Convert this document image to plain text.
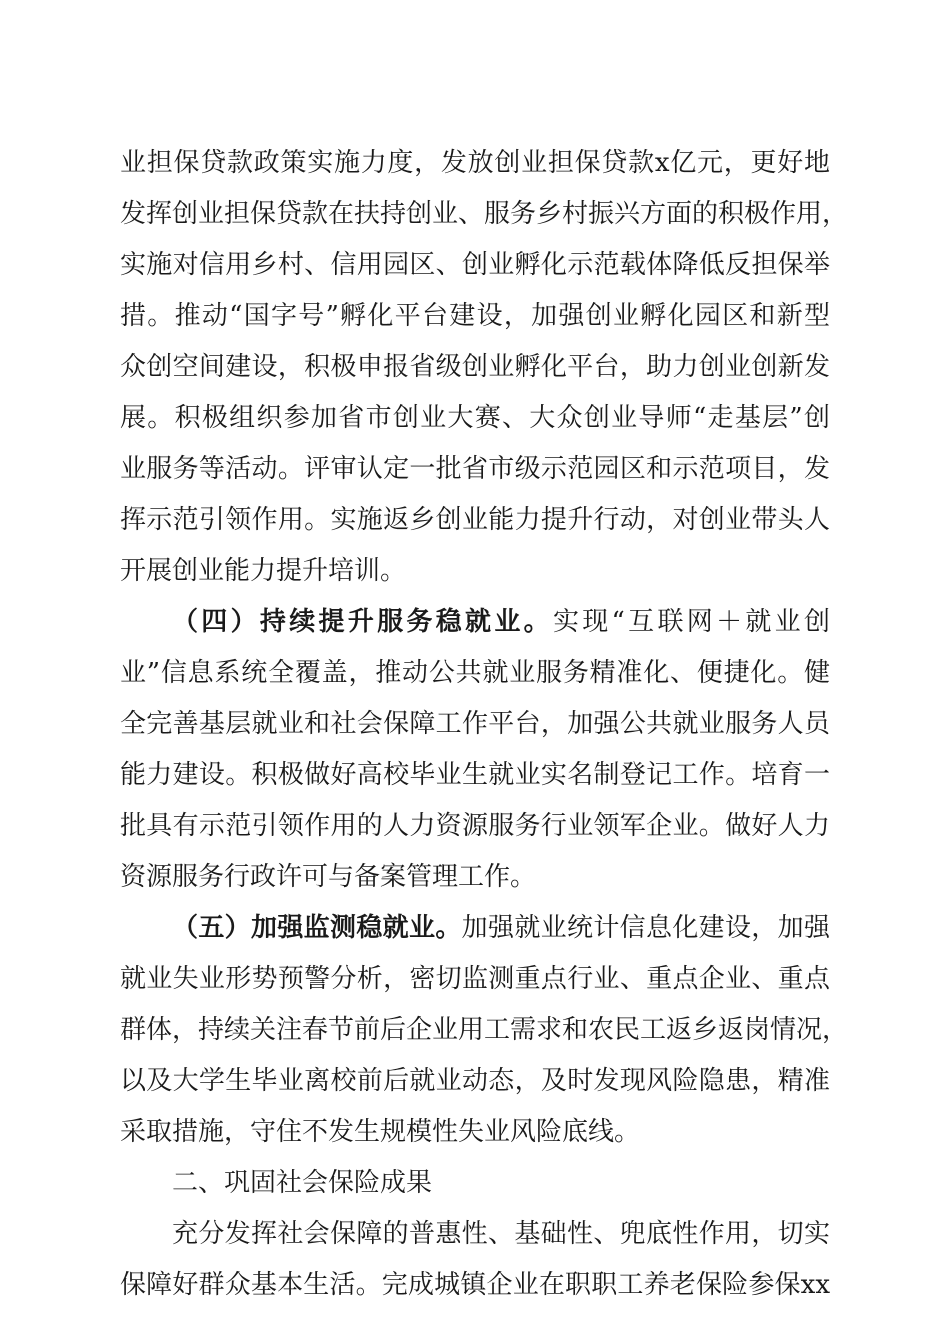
业担保贷款政策实施力度，发放创业担保贷款x亿元，更好地
发挥创业担保贷款在扶持创业、服务乡村振兴方面的积极作用，
实施对信用乡村、信用园区、创业孵化示范载体降低反担保举
措。推动“国字号”孵化平台建设，加强创业孵化园区和新型
众创空间建设，积极申报省级创业孵化平台，助力创业创新发
展。积极组织参加省市创业大赛、大众创业导师“走基层”创
业服务等活动。评审认定一批省市级示范园区和示范项目，发
挥示范引领作用。实施返乡创业能力提升行动，对创业带头人
开展创业能力提升培训。
（四）持续提升服务稳就业。实现“互联网＋就业创
业”信息系统全覆盖，推动公共就业服务精准化、便捷化。健
全完善基层就业和社会保障工作平台，加强公共就业服务人员
能力建设。积极做好高校毕业生就业实名制登记工作。培育一
批具有示范引领作用的人力资源服务行业领军企业。做好人力
资源服务行政许可与备案管理工作。
（五）加强监测稳就业。加强就业统计信息化建设，加强
就业失业形势预警分析，密切监测重点行业、重点企业、重点
群体，持续关注春节前后企业用工需求和农民工返乡返岗情况，
以及大学生毕业离校前后就业动态，及时发现风险隐患，精准
采取措施，守住不发生规模性失业风险底线。
二、巩固社会保险成果
充分发挥社会保障的普惠性、基础性、兜底性作用，切实
保障好群众基本生活。完成城镇企业在职职工养老保险参保xx
